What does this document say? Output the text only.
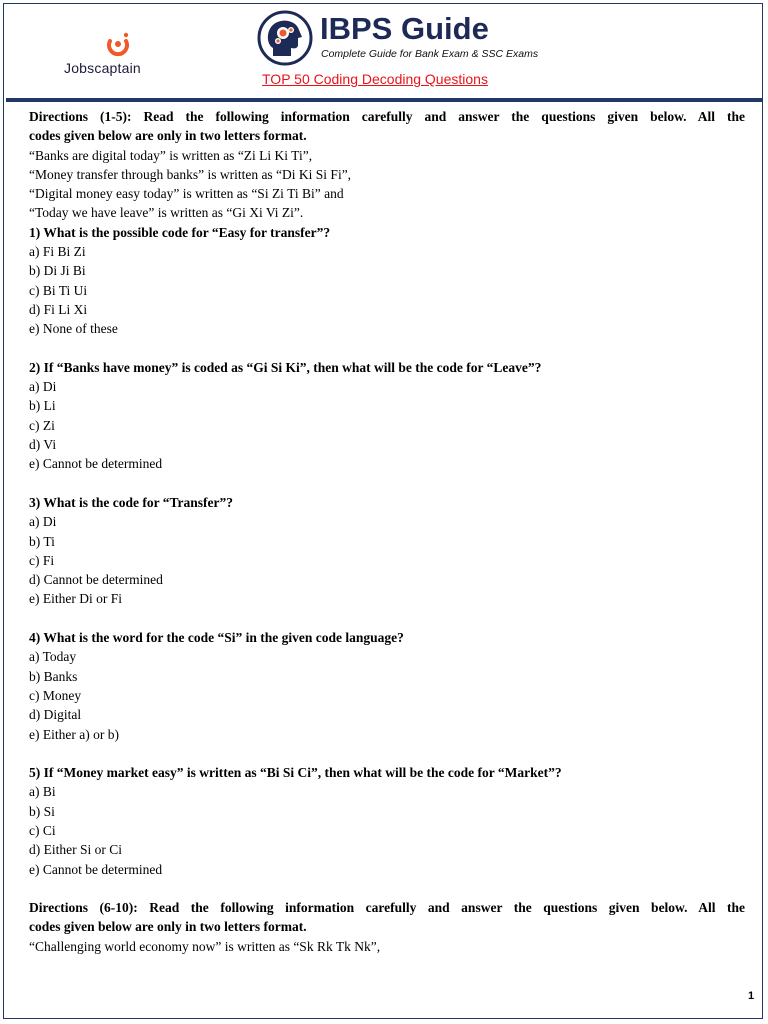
Jobscaptain
IBPS Guide
Complete Guide for Bank Exam & SSC Exams
TOP 50 Coding Decoding Questions
Directions (1-5): Read the following information carefully and answer the questions given below. All the
codes given below are only in two letters format.
“Banks are digital today” is written as “Zi Li Ki Ti”,
“Money transfer through banks” is written as “Di Ki Si Fi”,
“Digital money easy today” is written as “Si Zi Ti Bi” and
“Today we have leave” is written as “Gi Xi Vi Zi”.
1) What is the possible code for “Easy for transfer”?
a) Fi Bi Zi
b) Di Ji Bi
c) Bi Ti Ui
d) Fi Li Xi
e) None of these
2) If “Banks have money” is coded as “Gi Si Ki”, then what will be the code for “Leave”?
a) Di
b) Li
c) Zi
d) Vi
e) Cannot be determined
3) What is the code for “Transfer”?
a) Di
b) Ti
c) Fi
d) Cannot be determined
e) Either Di or Fi
4) What is the word for the code “Si” in the given code language?
a) Today
b) Banks
c) Money
d) Digital
e) Either a) or b)
5) If “Money market easy” is written as “Bi Si Ci”, then what will be the code for “Market”?
a) Bi
b) Si
c) Ci
d) Either Si or Ci
e) Cannot be determined
Directions (6-10): Read the following information carefully and answer the questions given below. All the
codes given below are only in two letters format.
“Challenging world economy now” is written as “Sk Rk Tk Nk”,
1
